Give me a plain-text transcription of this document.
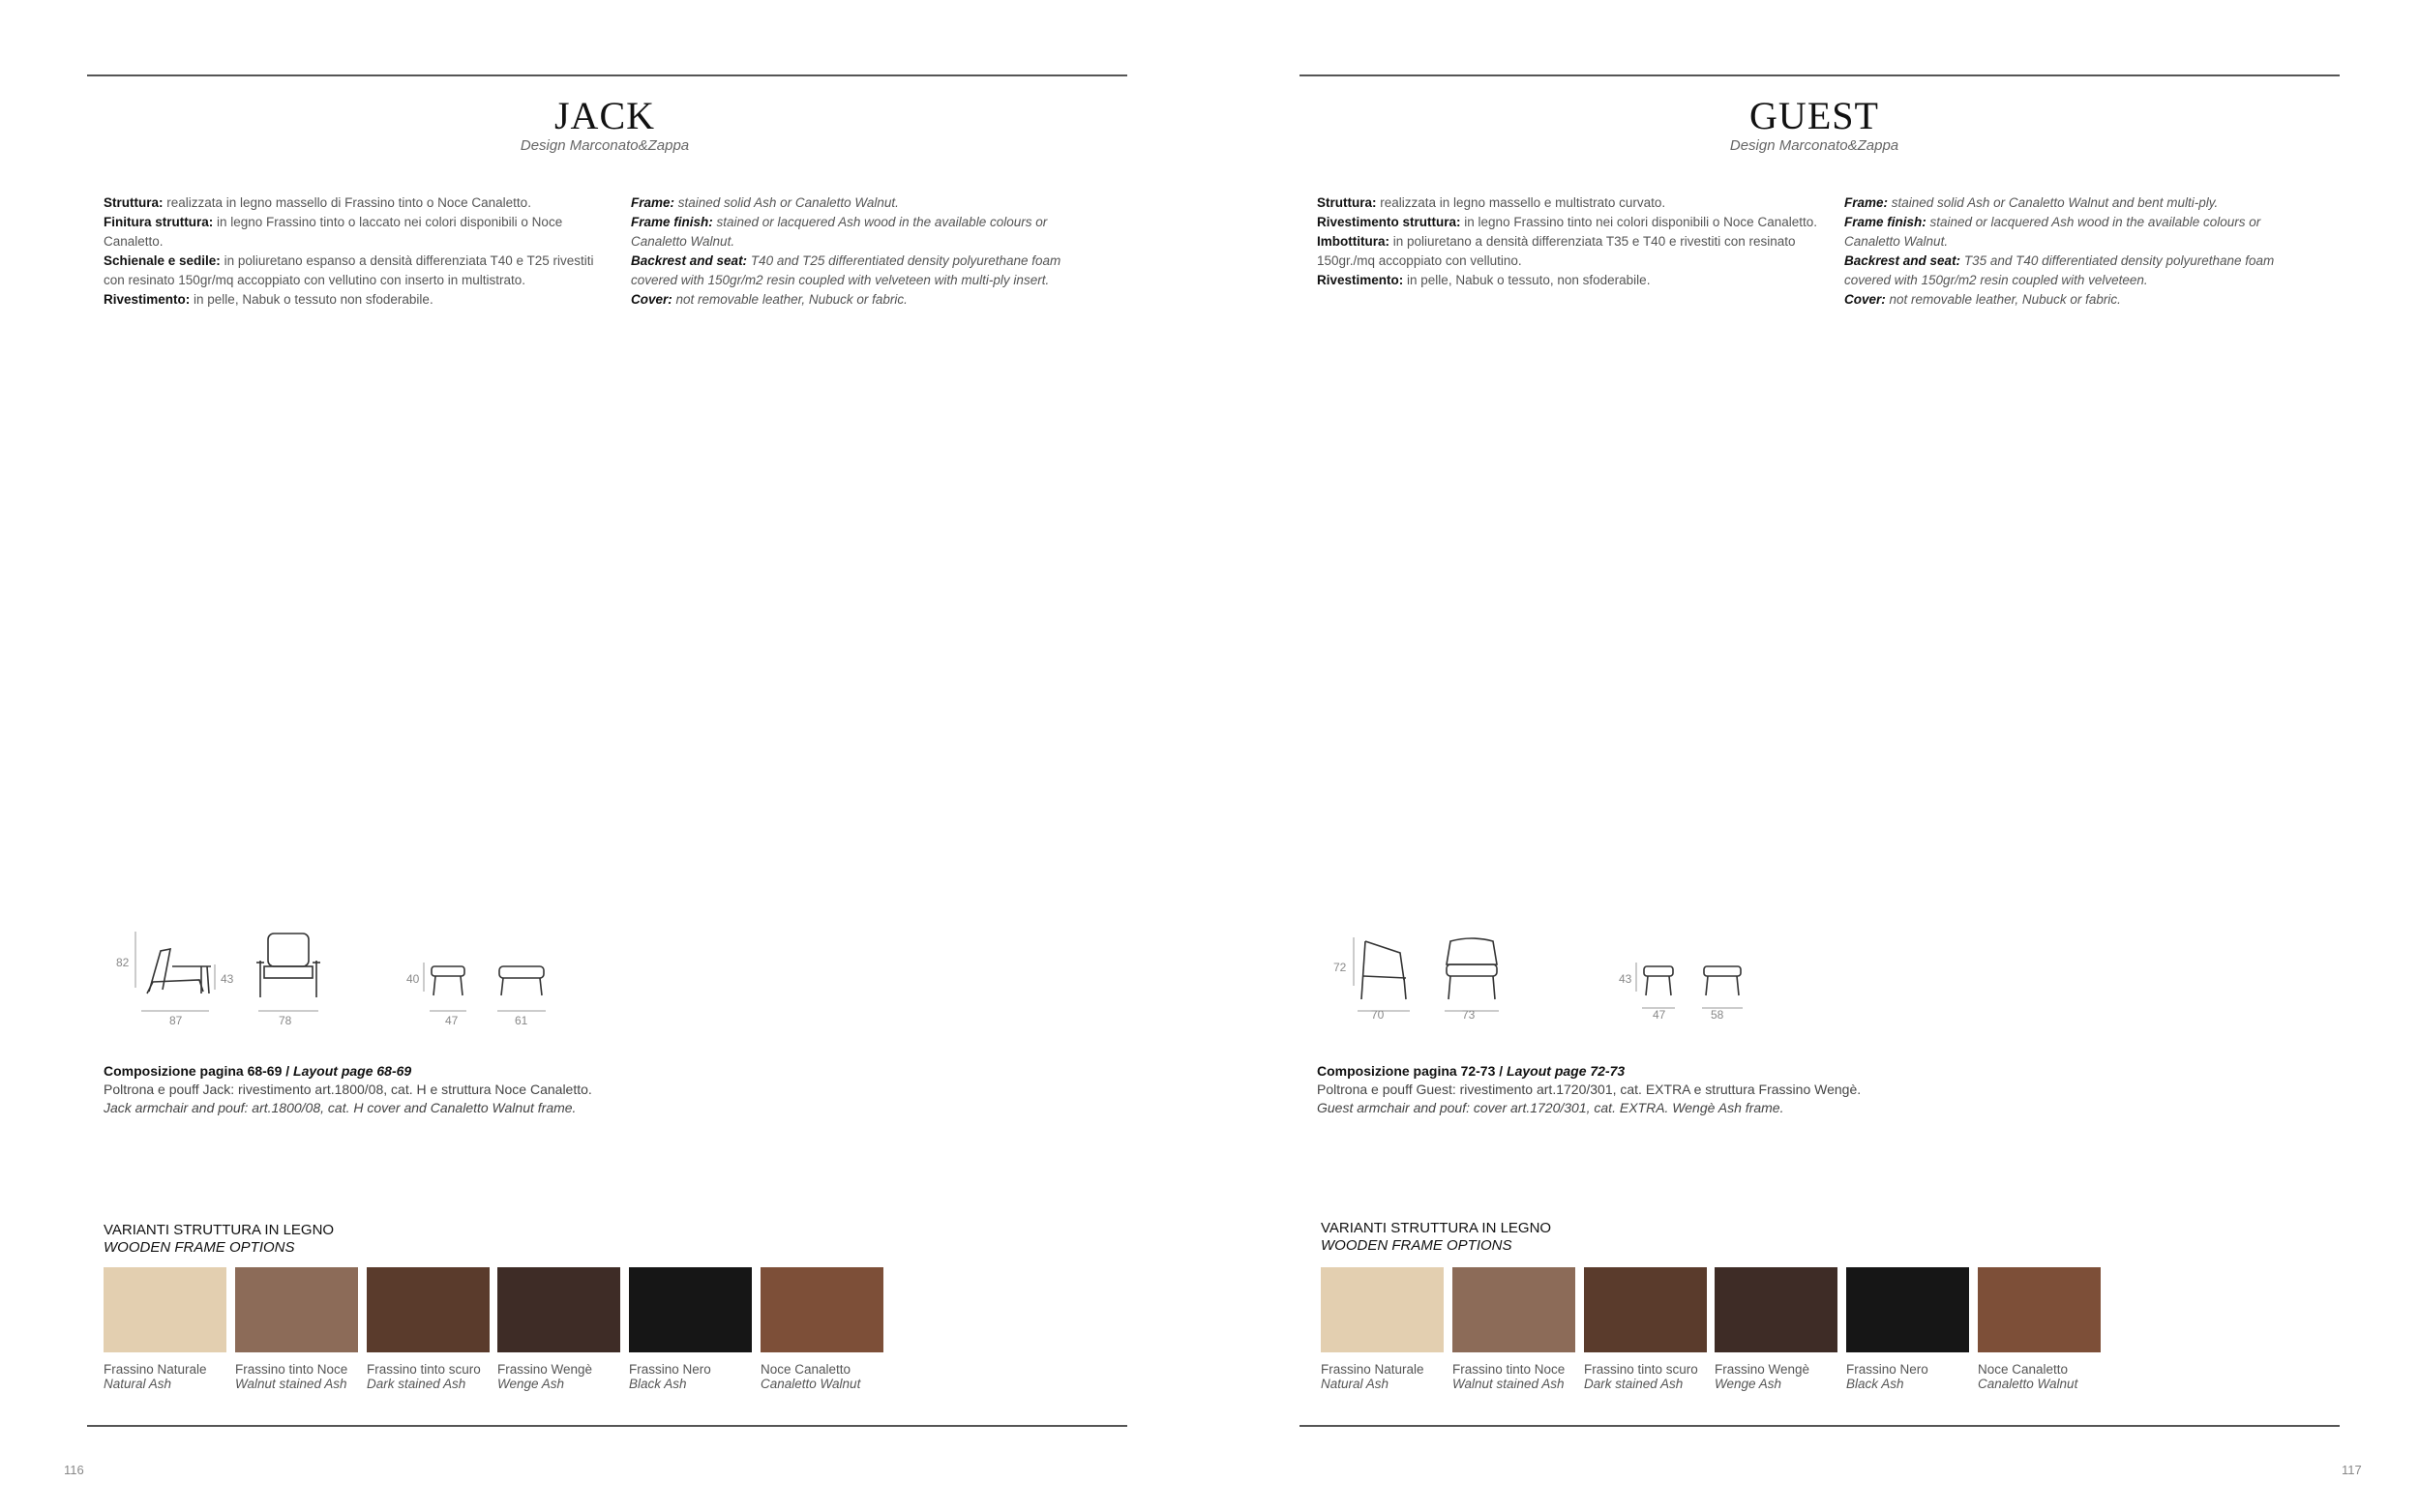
JACK
Design Marconato&Zappa
Struttura: realizzata in legno massello di Frassino tinto o Noce Canaletto.
Finitura struttura: in legno Frassino tinto o laccato nei colori disponibili o Noce Canaletto.
Schienale e sedile: in poliuretano espanso a densità differenziata T40 e T25 rivestiti con resinato 150gr/mq accoppiato con vellutino con inserto in multistrato.
Rivestimento: in pelle, Nabuk o tessuto non sfoderabile.
Frame: stained solid Ash or Canaletto Walnut.
Frame finish: stained or lacquered Ash wood in the available colours or Canaletto Walnut.
Backrest and seat: T40 and T25 differentiated density polyurethane foam covered with 150gr/m2 resin coupled with velveteen with multi-ply insert.
Cover: not removable leather, Nubuck or fabric.
82
43
87	78
40
47	61
Composizione pagina 68-69 / Layout page 68-69
Poltrona e pouff Jack: rivestimento art.1800/08, cat. H e struttura Noce Canaletto.
Jack armchair and pouf: art.1800/08, cat. H cover and Canaletto Walnut frame.
VARIANTI STRUTTURA IN LEGNO
WOODEN FRAME OPTIONS
Frassino Naturale
Natural Ash
Frassino tinto Noce
Walnut stained Ash
Frassino tinto scuro
Dark stained Ash
Frassino Wengè
Wenge Ash
Frassino Nero
Black Ash
Noce Canaletto
Canaletto Walnut
116
GUEST
Design Marconato&Zappa
Struttura: realizzata in legno massello e multistrato curvato.
Rivestimento struttura: in legno Frassino tinto nei colori disponibili o Noce Canaletto.
Imbottitura: in poliuretano a densità differenziata T35 e T40 e rivestiti con resinato 150gr./mq accoppiato con vellutino.
Rivestimento: in pelle, Nabuk o tessuto, non sfoderabile.
Frame: stained solid Ash or Canaletto Walnut and bent multi-ply.
Frame finish: stained or lacquered Ash wood in the available colours or Canaletto Walnut.
Backrest and seat: T35 and T40 differentiated density polyurethane foam covered with 150gr/m2 resin coupled with velveteen.
Cover: not removable leather, Nubuck or fabric.
72
70	73
43
47	58
Composizione pagina 72-73 / Layout page 72-73
Poltrona e pouff Guest: rivestimento art.1720/301, cat. EXTRA e struttura Frassino Wengè.
Guest armchair and pouf: cover art.1720/301, cat. EXTRA. Wengè Ash frame.
VARIANTI STRUTTURA IN LEGNO
WOODEN FRAME OPTIONS
Frassino Naturale
Natural Ash
Frassino tinto Noce
Walnut stained Ash
Frassino tinto scuro
Dark stained Ash
Frassino Wengè
Wenge Ash
Frassino Nero
Black Ash
Noce Canaletto
Canaletto Walnut
117
